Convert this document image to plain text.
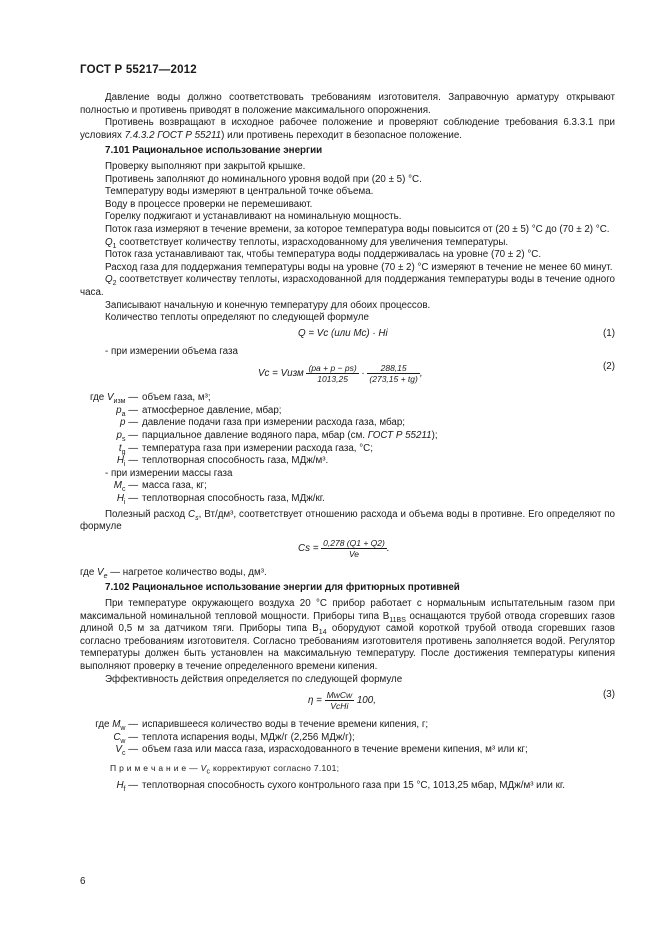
ГОСТ Р 55217—2012

Давление воды должно соответствовать требованиям изготовителя. Заправочную арматуру открывают полностью и противень приводят в положение максимального опорожнения.

Противень возвращают в исходное рабочее положение и проверяют соблюдение требования 6.3.3.1 при условиях 7.4.3.2 ГОСТ Р 55211) или противень переходит в безопасное положение.

7.101 Рациональное использование энергии

Проверку выполняют при закрытой крышке.

Противень заполняют до номинального уровня водой при (20 ± 5) °C.

Температуру воды измеряют в центральной точке объема.

Воду в процессе проверки не перемешивают.

Горелку поджигают и устанавливают на номинальную мощность.

Поток газа измеряют в течение времени, за которое температура воды повысится от (20 ± 5) °C до (70 ± 2) °C.

$Q_1$ соответствует количеству теплоты, израсходованному для увеличения температуры.

Поток газа устанавливают так, чтобы температура воды поддерживалась на уровне (70 ± 2) °C.

Расход газа для поддержания температуры воды на уровне (70 ± 2) °C измеряют в течение не менее 60 минут.

$Q_2$ соответствует количеству теплоты, израсходованной для поддержания температуры воды в течение одного часа.

Записывают начальную и конечную температуру для обоих процессов.

Количество теплоты определяют по следующей формуле

Q = Vc (или Mc) · Hi	(1)

- при измерении объема газа

Vc = Vизм $\frac{(pa + p - ps)}{1013,25} \cdot \frac{288,15}{(273,15 + tg)}$ ,
(2)
где $V_{изм}$ — объем газа, м³;
$p_a$ — атмосферное давление, мбар;
p — давление подачи газа при измерении расхода газа, мбар;
$p_s$ — парциальное давление водяного пара, мбар (см. ГОСТ Р 55211);
$t_g$ — температура газа при измерении расхода газа, °C;
$H_i$ — теплотворная способность газа, МДж/м³.

- при измерении массы газа

$M_c$ — масса газа, кг;
$H_i$ — теплотворная способность газа, МДж/кг.

Полезный расход $C_s$, Вт/дм³, соответствует отношению расхода и объема воды в противне. Его определяют по формуле

$Cs = \frac{0,278 (Q1 + Q2)}{Ve}$ .

где $V_e$ — нагретое количество воды, дм³.

7.102 Рациональное использование энергии для фритюрных противней

При температуре окружающего воздуха 20 °C прибор работает с нормальным испытательным газом при максимальной номинальной тепловой мощности. Приборы типа $B_{11BS}$ оснащаются трубой отвода сгоревших газов длиной 0,5 м за датчиком тяги. Приборы типа $B_{14}$ оборудуют самой короткой трубой отвода сгоревших газов согласно требованиям изготовителя. Согласно требованиям изготовителя противень заполняется водой. Регулятор температуры должен быть установлен на максимальную температуру. После достижения температуры кипения выполняют проверку в течение определенного времени кипения.

Эффективность действия определяется по следующей формуле

$\eta = \frac{\text{MwCw}}{\text{VcHi}} 100$,
(3)
где $M_w$ — испарившееся количество воды в течение времени кипения, г;
$C_w$ — теплота испарения воды, МДж/г (2,256 МДж/г);
$V_c$ — объем газа или масса газа, израсходованного в течение времени кипения, м³ или кг;

П р и м е ч а н и е — $V_c$ корректируют согласно 7.101;

$H_f$ — теплотворная способность сухого контрольного газа при 15 °C, 1013,25 мбар, МДж/м³ или кг.
6
